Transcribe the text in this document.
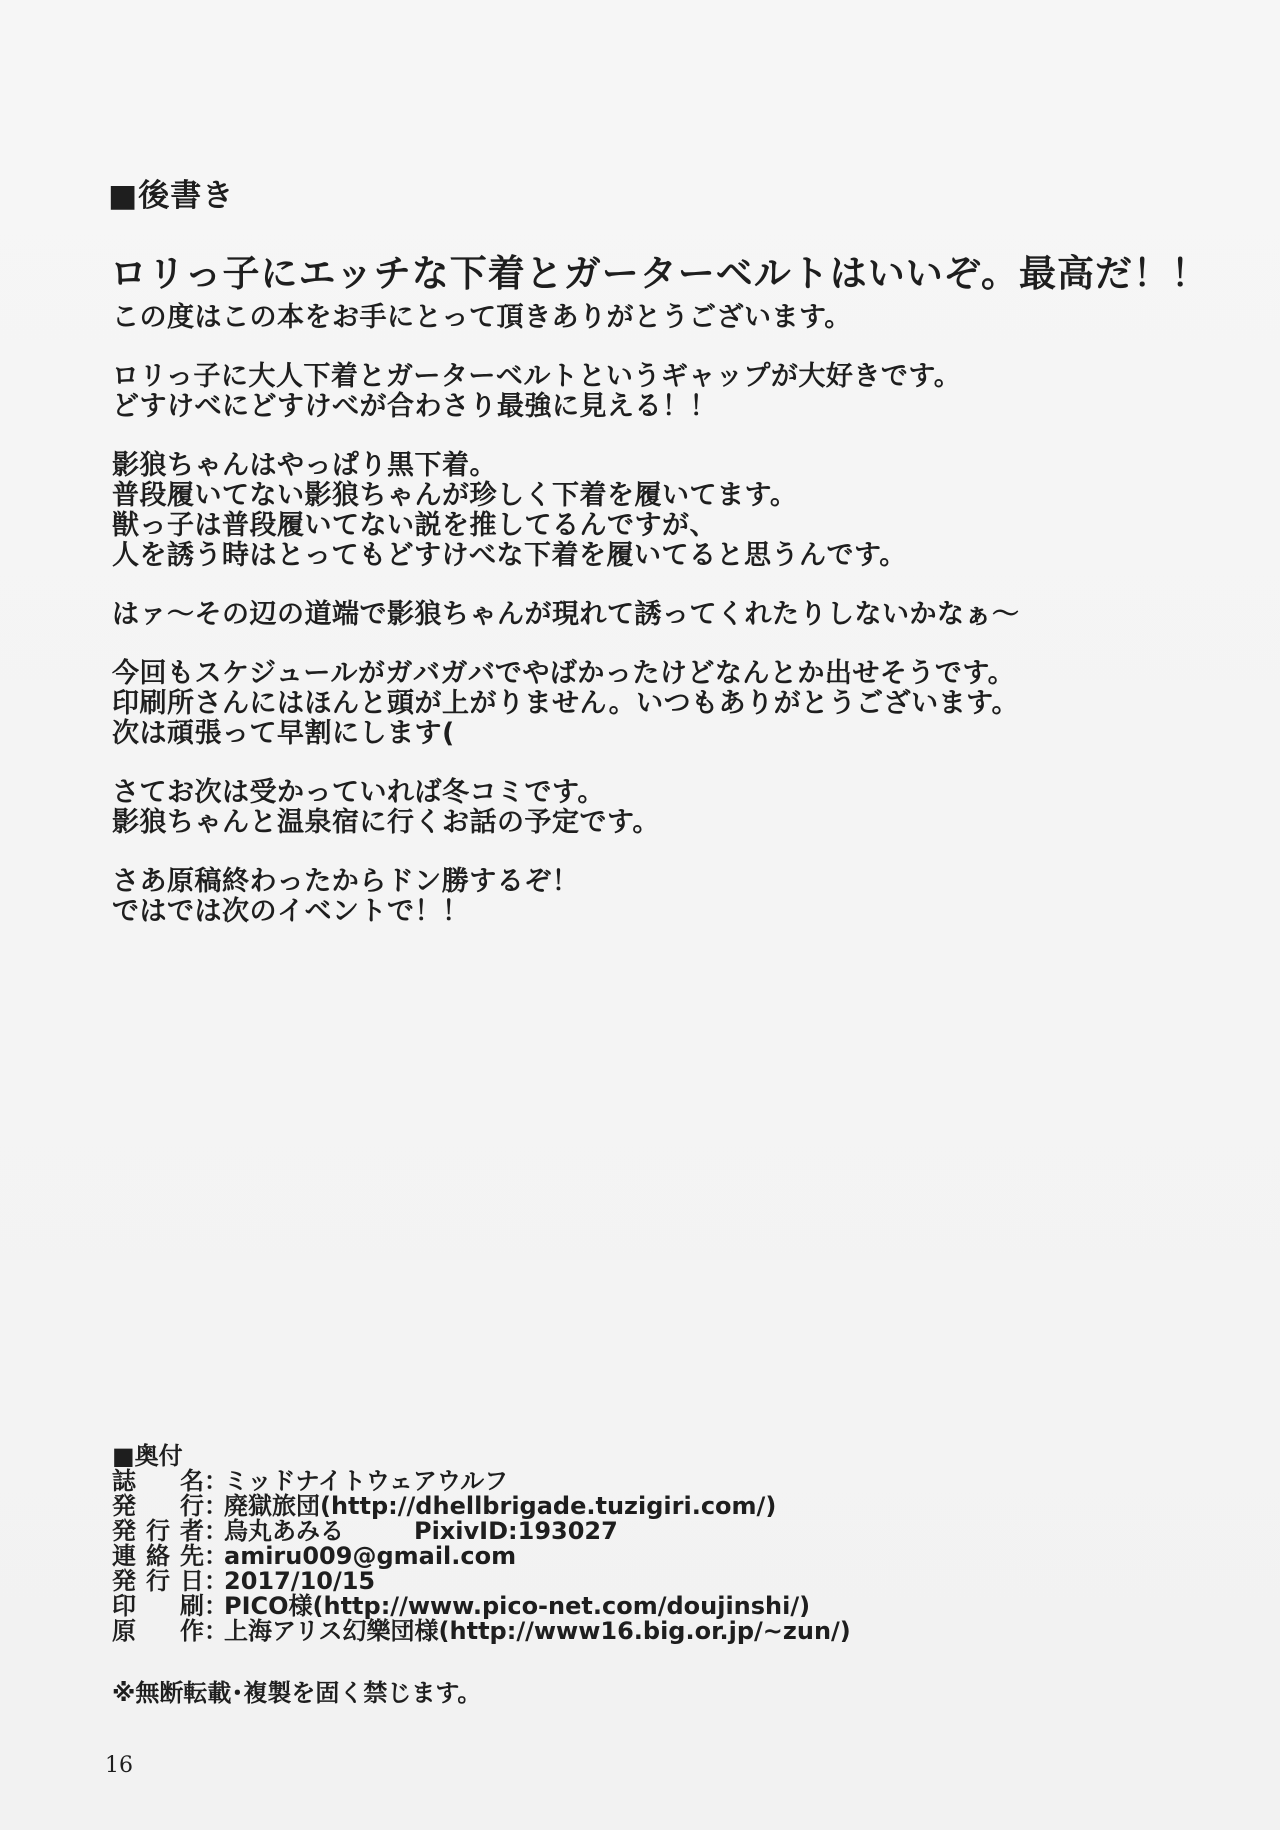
■後書き
ロリっ子にエッチな下着とガーターベルトはいいぞ。最高だ！！
この度はこの本をお手にとって頂きありがとうございます。
ロリっ子に大人下着とガーターベルトというギャップが大好きです。
どすけべにどすけべが合わさり最強に見える！！
影狼ちゃんはやっぱり黒下着。
普段履いてない影狼ちゃんが珍しく下着を履いてます。
獣っ子は普段履いてない説を推してるんですが、
人を誘う時はとってもどすけべな下着を履いてると思うんです。
はァ～その辺の道端で影狼ちゃんが現れて誘ってくれたりしないかなぁ～
今回もスケジュールがガバガバでやばかったけどなんとか出せそうです。
印刷所さんにはほんと頭が上がりません。いつもありがとうございます。
次は頑張って早割にします(
さてお次は受かっていれば冬コミです。
影狼ちゃんと温泉宿に行くお話の予定です。
さあ原稿終わったからドン勝するぞ！
ではでは次のイベントで！！
■奥付
誌 名 ：
ミッドナイトウェアウルフ
発 行 ：
廃獄旅団(http://dhellbrigade.tuzigiri.com/)
発 行 者 ：
烏丸あみる	PixivID:193027
連 絡 先 ：
amiru009@gmail.com
発 行 日 ：
2017/10/15
印 刷 ：
PICO様(http://www.pico-net.com/doujinshi/)
原 作 ：
上海アリス幻樂団様(http://www16.big.or.jp/~zun/)
※無断転載･複製を固く禁じます。
16
